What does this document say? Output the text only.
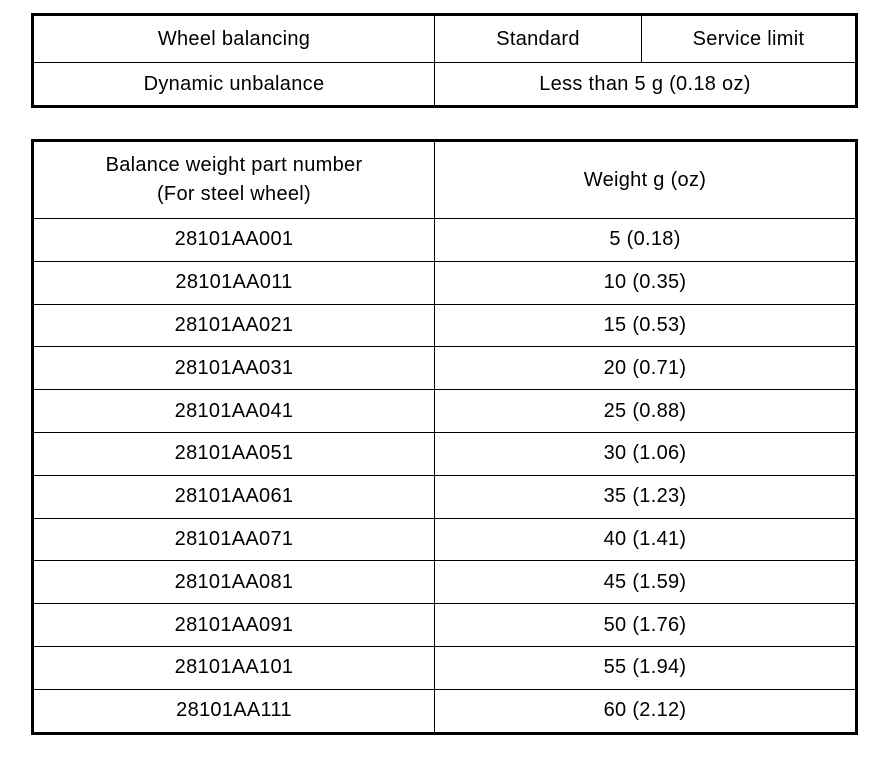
Wheel balancing	Standard	Service limit
Dynamic unbalance	Less than 5 g (0.18 oz)	
Balance weight part number
(For steel wheel)	Weight g (oz)
28101AA001	5 (0.18)
28101AA011	10 (0.35)
28101AA021	15 (0.53)
28101AA031	20 (0.71)
28101AA041	25 (0.88)
28101AA051	30 (1.06)
28101AA061	35 (1.23)
28101AA071	40 (1.41)
28101AA081	45 (1.59)
28101AA091	50 (1.76)
28101AA101	55 (1.94)
28101AA111	60 (2.12)
